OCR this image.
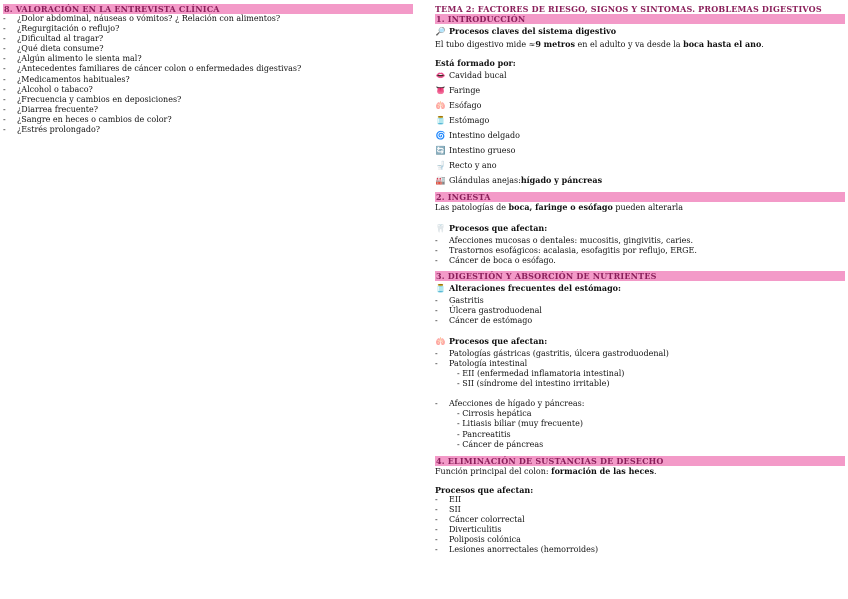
8. VALORACIÓN EN LA ENTREVISTA CLÍNICA
-	¿Dolor abdominal, náuseas o vómitos? ¿ Relación con alimentos?
-	¿Regurgitación o reflujo?
-	¿Dificultad al tragar?
-	¿Qué dieta consume?
-	¿Algún alimento le sienta mal?
-	¿Antecedentes familiares de cáncer colon o enfermedades digestivas?
-	¿Medicamentos habituales?
-	¿Alcohol o tabaco?
-	¿Frecuencia y cambios en deposiciones?
-	¿Diarrea frecuente?
-	¿Sangre en heces o cambios de color?
-	¿Estrés prolongado?
TEMA 2: FACTORES DE RIESGO, SIGNOS Y SINTOMAS. PROBLEMAS DIGESTIVOS
1. INTRODUCCIÓN
🔎 Procesos claves del sistema digestivo
El tubo digestivo mide ≈9 metros en el adulto y va desde la boca hasta el ano.
Está formado por:
👄 Cavidad bucal
👅 Faringe
🫁 Esófago
🫙 Estómago
🌀 Intestino delgado
🔄 Intestino grueso
🚽 Recto y ano
🏭 Glándulas anejas: hígado y páncreas
2. INGESTA
Las patologías de boca, faringe o esófago pueden alterarla
🦷 Procesos que afectan:
-	Afecciones mucosas o dentales: mucositis, gingivitis, caries.
-	Trastornos esofágicos: acalasia, esofagitis por reflujo, ERGE.
-	Cáncer de boca o esófago.
3. DIGESTIÓN Y ABSORCIÓN DE NUTRIENTES
🫙 Alteraciones frecuentes del estómago:
-	Gastritis
-	Úlcera gastroduodenal
-	Cáncer de estómago
🫁 Procesos que afectan:
-	Patologías gástricas (gastritis, úlcera gastroduodenal)
-	Patología intestinal
- EII (enfermedad inflamatoria intestinal)
- SII (síndrome del intestino irritable)
-	Afecciones de hígado y páncreas:
- Cirrosis hepática
- Litiasis biliar (muy frecuente)
- Pancreatitis
- Cáncer de páncreas
4. ELIMINACIÓN DE SUSTANCIAS DE DESECHO
Función principal del colon: formación de las heces.
Procesos que afectan:
-	EII
-	SII
-	Cáncer colorrectal
-	Diverticulitis
-	Poliposis colónica
-	Lesiones anorrectales (hemorroides)
